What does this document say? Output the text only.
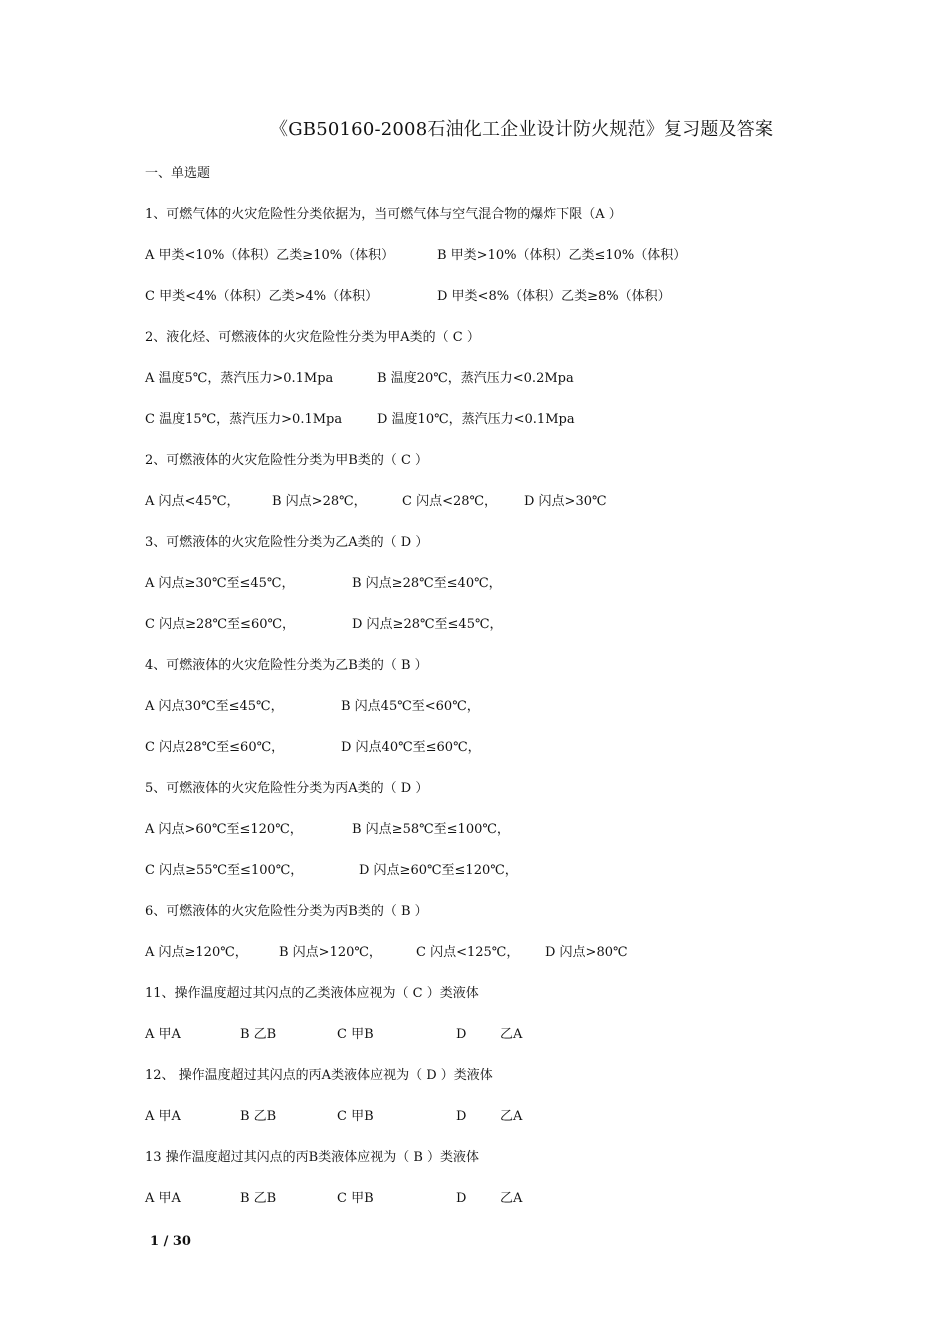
《GB50160-2008石油化工企业设计防火规范》复习题及答案
一、单选题
1、可燃气体的火灾危险性分类依据为，当可燃气体与空气混合物的爆炸下限（A ）
A 甲类<10%（体积）乙类≥10%（体积）	B 甲类>10%（体积）乙类≤10%（体积）
C 甲类<4%（体积）乙类>4%（体积）	D 甲类<8%（体积）乙类≥8%（体积）
2、液化烃、可燃液体的火灾危险性分类为甲A类的（ C ）
A 温度5℃，蒸汽压力>0.1Mpa	B 温度20℃，蒸汽压力<0.2Mpa
C 温度15℃，蒸汽压力>0.1Mpa	D 温度10℃，蒸汽压力<0.1Mpa
2、可燃液体的火灾危险性分类为甲B类的（ C ）
A 闪点<45℃，	B 闪点>28℃，	C 闪点<28℃， D 闪点>30℃
3、可燃液体的火灾危险性分类为乙A类的（ D ）
A 闪点≥30℃至≤45℃，	B 闪点≥28℃至≤40℃，
C 闪点≥28℃至≤60℃，	D 闪点≥28℃至≤45℃，
4、可燃液体的火灾危险性分类为乙B类的（ B ）
A 闪点30℃至≤45℃，	B 闪点45℃至<60℃，
C 闪点28℃至≤60℃，	D 闪点40℃至≤60℃，
5、可燃液体的火灾危险性分类为丙A类的（ D ）
A 闪点>60℃至≤120℃，	B 闪点≥58℃至≤100℃，
C 闪点≥55℃至≤100℃，	D 闪点≥60℃至≤120℃，
6、可燃液体的火灾危险性分类为丙B类的（ B ）
A 闪点≥120℃， B 闪点>120℃，	C 闪点<125℃， D 闪点>80℃
11、操作温度超过其闪点的乙类液体应视为（ C ）类液体
A 甲A	B 乙B	C 甲B	D	乙A
12、 操作温度超过其闪点的丙A类液体应视为（ D ）类液体
A 甲A	B 乙B	C 甲B	D	乙A
13 操作温度超过其闪点的丙B类液体应视为（ B ）类液体
A 甲A	B 乙B	C 甲B	D	乙A
1 / 30
